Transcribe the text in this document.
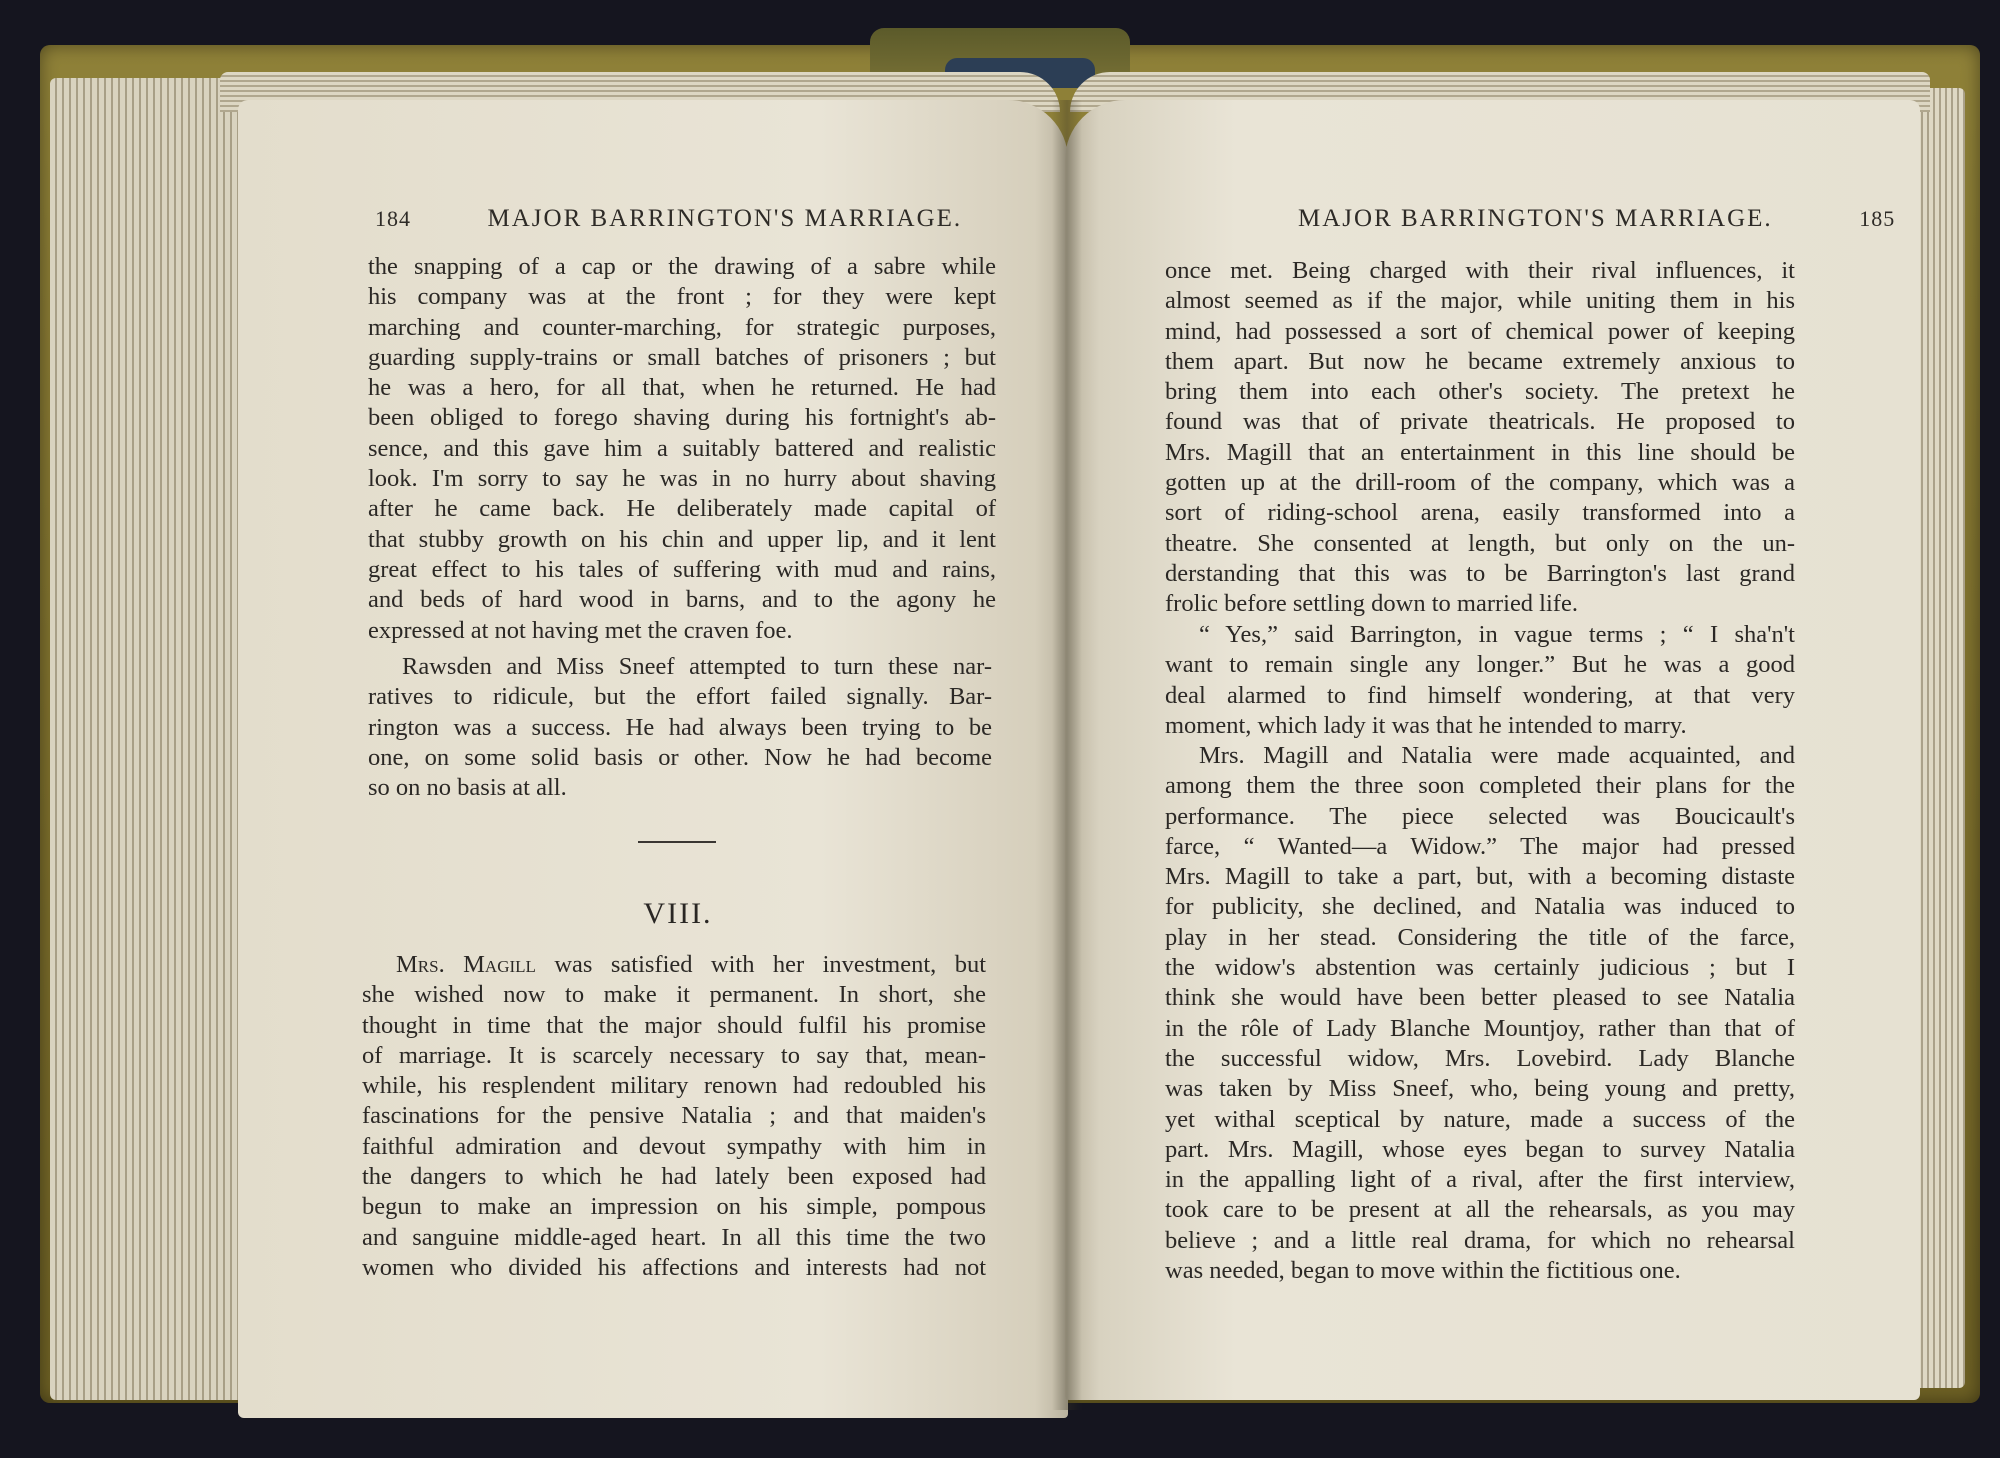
184	MAJOR BARRINGTON'S MARRIAGE.
the snapping of a cap or the drawing of a sabre while
his company was at the front ; for they were kept
marching and counter-marching, for strategic purposes,
guarding supply-trains or small batches of prisoners ; but
he was a hero, for all that, when he returned. He had
been obliged to forego shaving during his fortnight's ab-
sence, and this gave him a suitably battered and realistic
look. I'm sorry to say he was in no hurry about shaving
after he came back. He deliberately made capital of
that stubby growth on his chin and upper lip, and it lent
great effect to his tales of suffering with mud and rains,
and beds of hard wood in barns, and to the agony he
expressed at not having met the craven foe.
Rawsden and Miss Sneef attempted to turn these nar-
ratives to ridicule, but the effort failed signally. Bar-
rington was a success. He had always been trying to be
one, on some solid basis or other. Now he had become
so on no basis at all.
VIII.
Mrs. Magill was satisfied with her investment, but
she wished now to make it permanent. In short, she
thought in time that the major should fulfil his promise
of marriage. It is scarcely necessary to say that, mean-
while, his resplendent military renown had redoubled his
fascinations for the pensive Natalia ; and that maiden's
faithful admiration and devout sympathy with him in
the dangers to which he had lately been exposed had
begun to make an impression on his simple, pompous
and sanguine middle-aged heart. In all this time the two
women who divided his affections and interests had not
MAJOR BARRINGTON'S MARRIAGE.	185
once met. Being charged with their rival influences, it
almost seemed as if the major, while uniting them in his
mind, had possessed a sort of chemical power of keeping
them apart. But now he became extremely anxious to
bring them into each other's society. The pretext he
found was that of private theatricals. He proposed to
Mrs. Magill that an entertainment in this line should be
gotten up at the drill-room of the company, which was a
sort of riding-school arena, easily transformed into a
theatre. She consented at length, but only on the un-
derstanding that this was to be Barrington's last grand
frolic before settling down to married life.
“ Yes,” said Barrington, in vague terms ; “ I sha'n't
want to remain single any longer.” But he was a good
deal alarmed to find himself wondering, at that very
moment, which lady it was that he intended to marry.
Mrs. Magill and Natalia were made acquainted, and
among them the three soon completed their plans for the
performance. The piece selected was Boucicault's
farce, “ Wanted—a Widow.” The major had pressed
Mrs. Magill to take a part, but, with a becoming distaste
for publicity, she declined, and Natalia was induced to
play in her stead. Considering the title of the farce,
the widow's abstention was certainly judicious ; but I
think she would have been better pleased to see Natalia
in the rôle of Lady Blanche Mountjoy, rather than that of
the successful widow, Mrs. Lovebird. Lady Blanche
was taken by Miss Sneef, who, being young and pretty,
yet withal sceptical by nature, made a success of the
part. Mrs. Magill, whose eyes began to survey Natalia
in the appalling light of a rival, after the first interview,
took care to be present at all the rehearsals, as you may
believe ; and a little real drama, for which no rehearsal
was needed, began to move within the fictitious one.
